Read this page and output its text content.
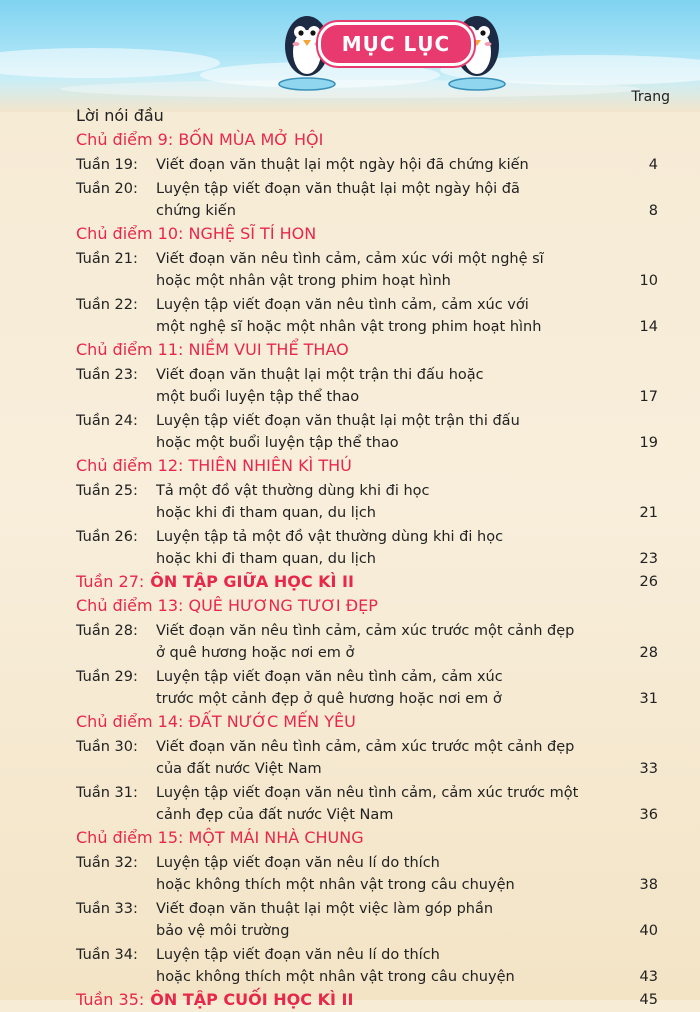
MỤC LỤC
Trang
Lời nói đầu
Chủ điểm 9: BỐN MÙA MỞ HỘI
Tuần 19:	Viết đoạn văn thuật lại một ngày hội đã chứng kiến	4
Tuần 20:	Luyện tập viết đoạn văn thuật lại một ngày hội đã
chứng kiến	8
Chủ điểm 10: NGHỆ SĨ TÍ HON
Tuần 21:	Viết đoạn văn nêu tình cảm, cảm xúc với một nghệ sĩ
hoặc một nhân vật trong phim hoạt hình	10
Tuần 22:	Luyện tập viết đoạn văn nêu tình cảm, cảm xúc với
một nghệ sĩ hoặc một nhân vật trong phim hoạt hình	14
Chủ điểm 11: NIỀM VUI THỂ THAO
Tuần 23:	Viết đoạn văn thuật lại một trận thi đấu hoặc
một buổi luyện tập thể thao	17
Tuần 24:	Luyện tập viết đoạn văn thuật lại một trận thi đấu
hoặc một buổi luyện tập thể thao	19
Chủ điểm 12: THIÊN NHIÊN KÌ THÚ
Tuần 25:	Tả một đồ vật thường dùng khi đi học
hoặc khi đi tham quan, du lịch	21
Tuần 26:	Luyện tập tả một đồ vật thường dùng khi đi học
hoặc khi đi tham quan, du lịch	23
Tuần 27: ÔN TẬP GIỮA HỌC KÌ II	26
Chủ điểm 13: QUÊ HƯƠNG TƯƠI ĐẸP
Tuần 28:	Viết đoạn văn nêu tình cảm, cảm xúc trước một cảnh đẹp
ở quê hương hoặc nơi em ở	28
Tuần 29:	Luyện tập viết đoạn văn nêu tình cảm, cảm xúc
trước một cảnh đẹp ở quê hương hoặc nơi em ở	31
Chủ điểm 14: ĐẤT NƯỚC MẾN YÊU
Tuần 30:	Viết đoạn văn nêu tình cảm, cảm xúc trước một cảnh đẹp
của đất nước Việt Nam	33
Tuần 31:	Luyện tập viết đoạn văn nêu tình cảm, cảm xúc trước một
cảnh đẹp của đất nước Việt Nam	36
Chủ điểm 15: MỘT MÁI NHÀ CHUNG
Tuần 32:	Luyện tập viết đoạn văn nêu lí do thích
hoặc không thích một nhân vật trong câu chuyện	38
Tuần 33:	Viết đoạn văn thuật lại một việc làm góp phần
bảo vệ môi trường	40
Tuần 34:	Luyện tập viết đoạn văn nêu lí do thích
hoặc không thích một nhân vật trong câu chuyện	43
Tuần 35: ÔN TẬP CUỐI HỌC KÌ II	45
